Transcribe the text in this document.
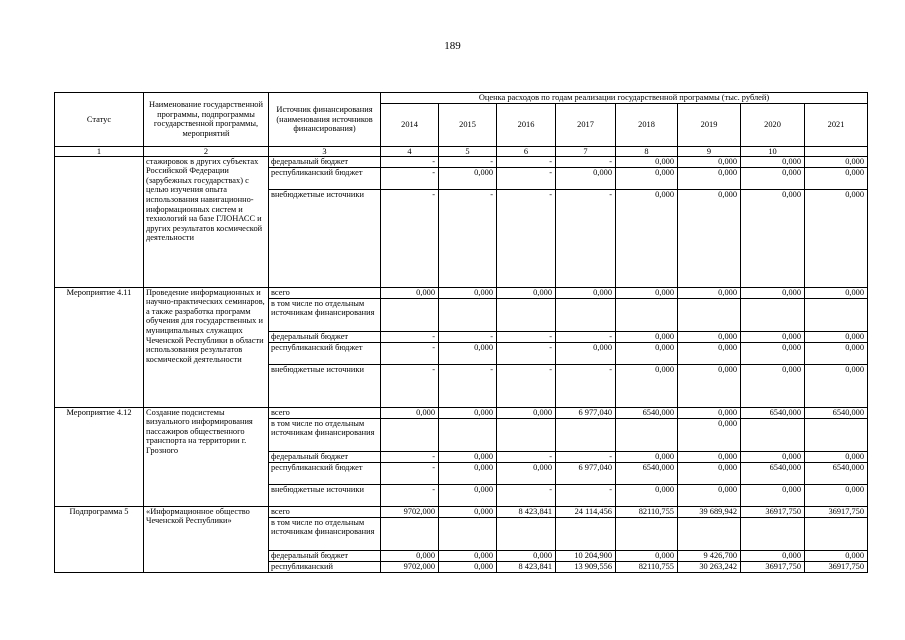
189
Статус	Наименование государственной программы, подпрограммы государственной программы, мероприятий	Источник финансирования (наименования источников финансирования)	Оценка расходов по годам реализации государственной программы (тыс. рублей)							
			2014	2015	2016	2017	2018	2019	2020	2021
1	2	3	4	5	6	7	8	9	10	
	стажировок в других субъектах Российской Федерации (зарубежных государствах) с целью изучения опыта использования навигационно-информационных систем и технологий на базе ГЛОНАСС и других результатов космической деятельности	федеральный бюджет	-	-	-	-	0,000	0,000	0,000	0,000
		республиканский бюджет	-	0,000	-	0,000	0,000	0,000	0,000	0,000
		внебюджетные источники	-	-	-	-	0,000	0,000	0,000	0,000
Мероприятие 4.11	Проведение информационных и научно-практических семинаров, а также разработка программ обучения для государственных и муниципальных служащих Чеченской Республики в области использования результатов космической деятельности	всего	0,000	0,000	0,000	0,000	0,000	0,000	0,000	0,000
		в том числе по отдельным источникам финансирования								
		федеральный бюджет	-	-	-	-	0,000	0,000	0,000	0,000
		республиканский бюджет	-	0,000	-	0,000	0,000	0,000	0,000	0,000
		внебюджетные источники	-	-	-	-	0,000	0,000	0,000	0,000
Мероприятие 4.12	Создание подсистемы визуального информирования пассажиров общественного транспорта на территории г. Грозного	всего	0,000	0,000	0,000	6 977,040	6540,000	0,000	6540,000	6540,000
		в том числе по отдельным источникам финансирования						0,000		
		федеральный бюджет	-	0,000	-	-	0,000	0,000	0,000	0,000
		республиканский бюджет	-	0,000	0,000	6 977,040	6540,000	0,000	6540,000	6540,000
		внебюджетные источники	-	0,000	-	-	0,000	0,000	0,000	0,000
Подпрограмма 5	«Информационное общество Чеченской Республики»	всего	9702,000	0,000	8 423,841	24 114,456	82110,755	39 689,942	36917,750	36917,750
		в том числе по отдельным источникам финансирования								
		федеральный бюджет	0,000	0,000	0,000	10 204,900	0,000	9 426,700	0,000	0,000
		республиканский	9702,000	0,000	8 423,841	13 909,556	82110,755	30 263,242	36917,750	36917,750
